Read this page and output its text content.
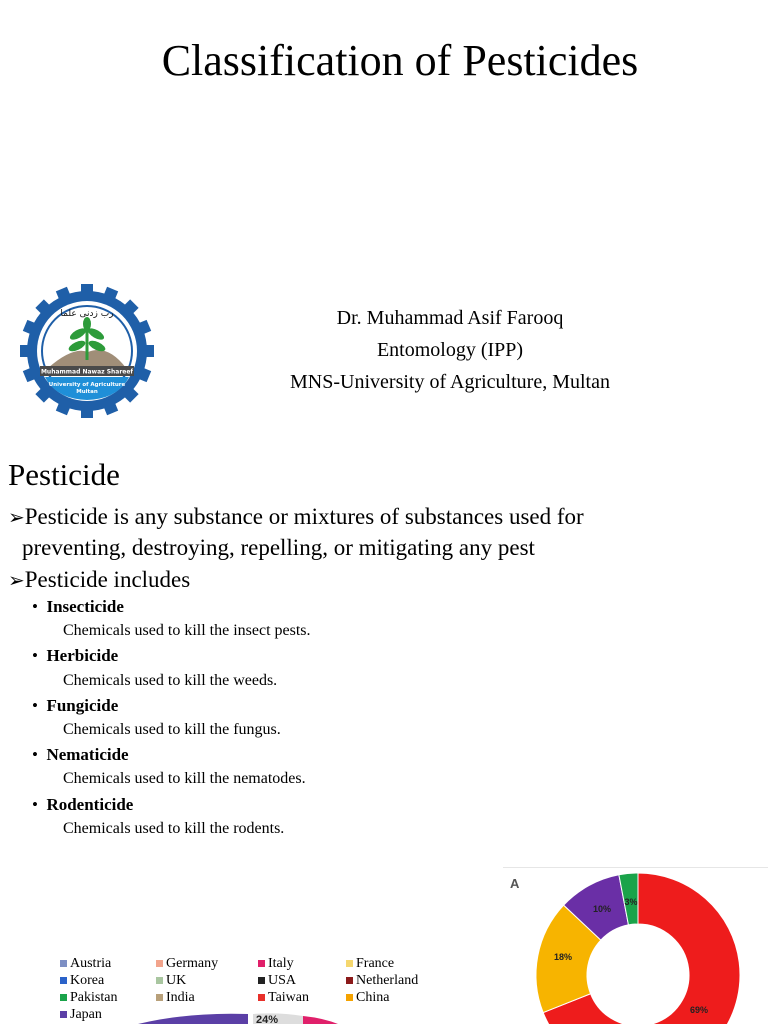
Classification of Pesticides
رب زدنی علما
Muhammad Nawaz Shareef
University of Agriculture
Multan
Dr. Muhammad Asif Farooq
Entomology (IPP)
MNS-University of Agriculture, Multan
Pesticide
➢Pesticide is any substance or mixtures of substances used for
preventing, destroying, repelling, or mitigating any pest
➢Pesticide includes
•  Insecticide
Chemicals used to kill the insect pests.
•  Herbicide
Chemicals used to kill the weeds.
•  Fungicide
Chemicals used to kill the fungus.
•  Nematicide
Chemicals used to kill the nematodes.
•  Rodenticide
Chemicals used to kill the rodents.
A
69%
18%
10%
3%
Austria	Germany	Italy	France
Korea	UK	USA	Netherland
Pakistan	India	Taiwan	China
Japan	24%
